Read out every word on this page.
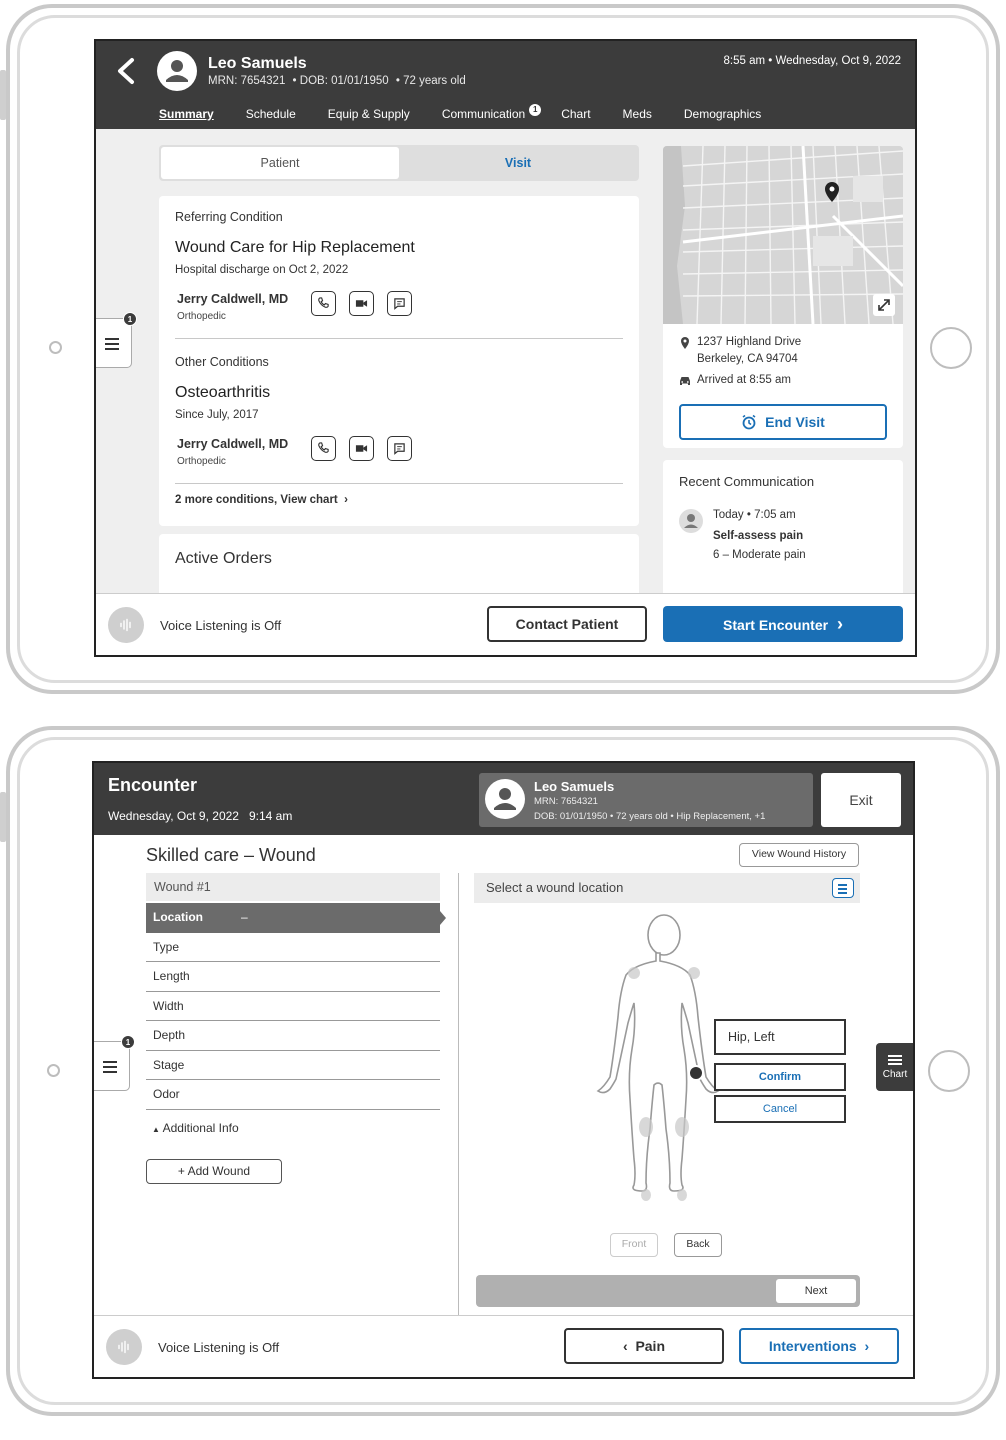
Leo Samuels
MRN: 7654321 • DOB: 01/01/1950 • 72 years old
8:55 am • Wednesday, Oct 9, 2022
Summary	Schedule	Equip & Supply	Communication 1	Chart	Meds	Demographics
Patient	Visit
Referring Condition
Wound Care for Hip Replacement
Hospital discharge on Oct 2, 2022
Jerry Caldwell, MD
Orthopedic
Other Conditions
Osteoarthritis
Since July, 2017
Jerry Caldwell, MD
Orthopedic
2 more conditions, View chart  ›
Active Orders
1
1237 Highland Drive
Berkeley, CA 94704
Arrived at 8:55 am
End Visit
Recent Communication
Today • 7:05 am
Self-assess pain
6 – Moderate pain
Voice Listening is Off	Contact Patient	Start Encounter  ›
Encounter
Wednesday, Oct 9, 2022   9:14 am
Leo Samuels
MRN: 7654321
DOB: 01/01/1950 • 72 years old • Hip Replacement, +1
Exit
Skilled care – Wound	View Wound History
Wound #1
Location	–
Type
Length
Width
Depth
Stage
Odor
▲ Additional Info
+ Add Wound
1
Select a wound location
Hip, Left
Confirm
Cancel
Chart
Front	Back
Next
Voice Listening is Off	‹  Pain	Interventions  ›
